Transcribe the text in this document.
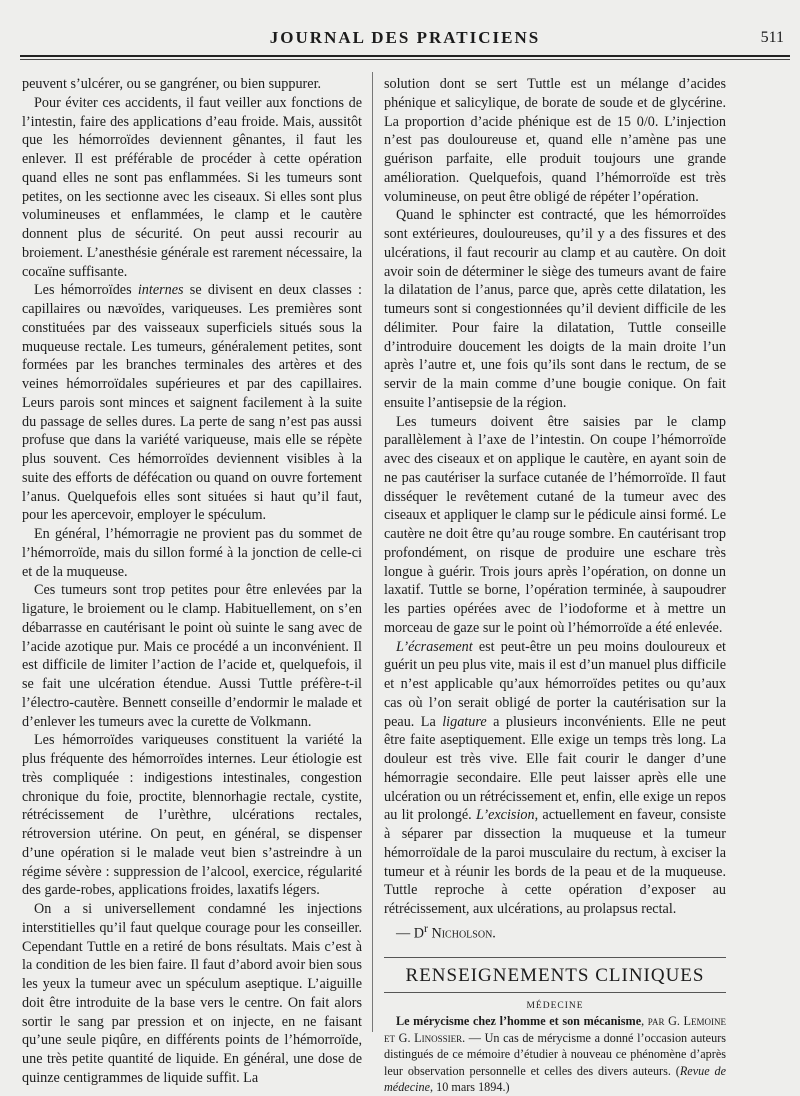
JOURNAL DES PRATICIENS	511

peuvent s’ulcérer, ou se gangréner, ou bien suppurer.

Pour éviter ces accidents, il faut veiller aux fonctions de l’intestin, faire des applications d’eau froide. Mais, aussitôt que les hémorroïdes deviennent gênantes, il faut les enlever. Il est préférable de procéder à cette opération quand elles ne sont pas enflammées. Si les tumeurs sont petites, on les sectionne avec les ciseaux. Si elles sont plus volumineuses et enflammées, le clamp et le cautère donnent plus de sécurité. On peut aussi recourir au broiement. L’anesthésie générale est rarement nécessaire, la cocaïne suffisante.

Les hémorroïdes internes se divisent en deux classes : capillaires ou nævoïdes, variqueuses. Les premières sont constituées par des vaisseaux superficiels situés sous la muqueuse rectale. Les tumeurs, généralement petites, sont formées par les branches terminales des artères et des veines hémorroïdales supérieures et par des capillaires. Leurs parois sont minces et saignent facilement à la suite du passage de selles dures. La perte de sang n’est pas aussi profuse que dans la variété variqueuse, mais elle se répète plus souvent. Ces hémorroïdes deviennent visibles à la suite des efforts de défécation ou quand on ouvre fortement l’anus. Quelquefois elles sont situées si haut qu’il faut, pour les apercevoir, employer le spéculum.

En général, l’hémorragie ne provient pas du sommet de l’hémorroïde, mais du sillon formé à la jonction de celle-ci et de la muqueuse.

Ces tumeurs sont trop petites pour être enlevées par la ligature, le broiement ou le clamp. Habituellement, on s’en débarrasse en cautérisant le point où suinte le sang avec de l’acide azotique pur. Mais ce procédé a un inconvénient. Il est difficile de limiter l’action de l’acide et, quelquefois, il se fait une ulcération étendue. Aussi Tuttle préfère-t-il l’électro-cautère. Bennett conseille d’endormir le malade et d’enlever les tumeurs avec la curette de Volkmann.

Les hémorroïdes variqueuses constituent la variété la plus fréquente des hémorroïdes internes. Leur étiologie est très compliquée : indigestions intestinales, congestion chronique du foie, proctite, blennorhagie rectale, cystite, rétrécissement de l’urèthre, ulcérations rectales, rétroversion utérine. On peut, en général, se dispenser d’une opération si le malade veut bien s’astreindre à un régime sévère : suppression de l’alcool, exercice, régularité des garde-robes, applications froides, laxatifs légers.

On a si universellement condamné les injections interstitielles qu’il faut quelque courage pour les conseiller. Cependant Tuttle en a retiré de bons résultats. Mais c’est à la condition de les bien faire. Il faut d’abord avoir bien sous les yeux la tumeur avec un spéculum aseptique. L’aiguille doit être introduite de la base vers le centre. On fait alors sortir le sang par pression et on injecte, en ne faisant qu’une seule piqûre, en différents points de l’hémorroïde, une très petite quantité de liquide. En général, une dose de quinze centigrammes de liquide suffit. La

solution dont se sert Tuttle est un mélange d’acides phénique et salicylique, de borate de soude et de glycérine. La proportion d’acide phénique est de 15 0/0. L’injection n’est pas douloureuse et, quand elle n’amène pas une guérison parfaite, elle produit toujours une grande amélioration. Quelquefois, quand l’hémorroïde est très volumineuse, on peut être obligé de répéter l’opération.

Quand le sphincter est contracté, que les hémorroïdes sont extérieures, douloureuses, qu’il y a des fissures et des ulcérations, il faut recourir au clamp et au cautère. On doit avoir soin de déterminer le siège des tumeurs avant de faire la dilatation de l’anus, parce que, après cette dilatation, les tumeurs sont si congestionnées qu’il devient difficile de les délimiter. Pour faire la dilatation, Tuttle conseille d’introduire doucement les doigts de la main droite l’un après l’autre et, une fois qu’ils sont dans le rectum, de se servir de la main comme d’une bougie conique. On fait ensuite l’antisepsie de la région.

Les tumeurs doivent être saisies par le clamp parallèlement à l’axe de l’intestin. On coupe l’hémorroïde avec des ciseaux et on applique le cautère, en ayant soin de ne pas cautériser la surface cutanée de l’hémorroïde. Il faut disséquer le revêtement cutané de la tumeur avec des ciseaux et appliquer le clamp sur le pédicule ainsi formé. Le cautère ne doit être qu’au rouge sombre. En cautérisant trop profondément, on risque de produire une eschare très longue à guérir. Trois jours après l’opération, on donne un laxatif. Tuttle se borne, l’opération terminée, à saupoudrer les parties opérées avec de l’iodoforme et à mettre un morceau de gaze sur le point où l’hémorroïde a été enlevée.

L’écrasement est peut-être un peu moins douloureux et guérit un peu plus vite, mais il est d’un manuel plus difficile et n’est applicable qu’aux hémorroïdes petites ou qu’aux cas où l’on serait obligé de porter la cautérisation sur la peau. La ligature a plusieurs inconvénients. Elle ne peut être faite aseptiquement. Elle exige un temps très long. La douleur est très vive. Elle fait courir le danger d’une hémorragie secondaire. Elle peut laisser après elle une ulcération ou un rétrécissement et, enfin, elle exige un repos au lit prolongé. L’excision, actuellement en faveur, consiste à séparer par dissection la muqueuse et la tumeur hémorroïdale de la paroi musculaire du rectum, à exciser la tumeur et à réunir les bords de la peau et de la muqueuse. Tuttle reproche à cette opération d’exposer au rétrécissement, aux ulcérations, au prolapsus rectal.

— $D^r$ Nicholson.

RENSEIGNEMENTS CLINIQUES
MÉDECINE

Le mérycisme chez l’homme et son mécanisme, par G. Lemoine et G. Linossier. — Un cas de mérycisme a donné l’occasion auteurs distingués de ce mémoire d’étudier à nouveau ce phénomène d’après leur observation personnelle et celles des divers auteurs. (Revue de médecine, 10 mars 1894.)
